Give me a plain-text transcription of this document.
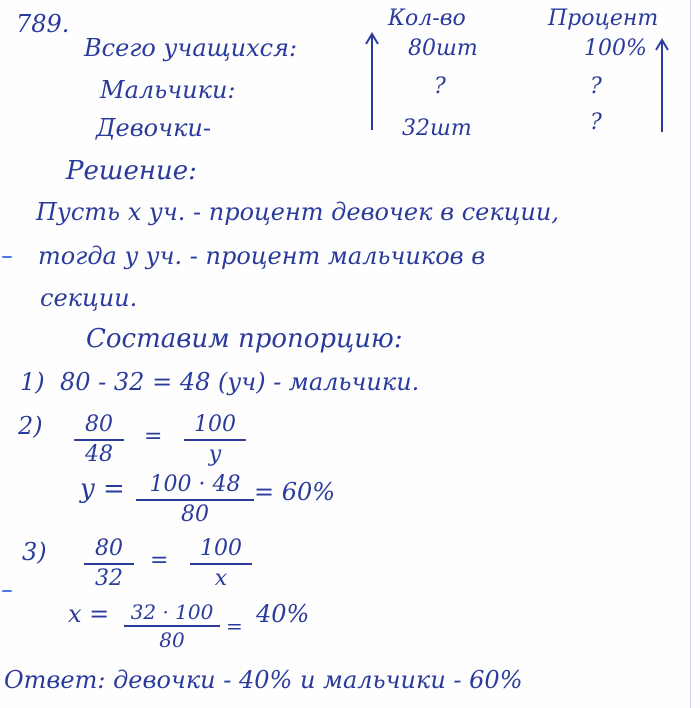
789.	Кол-во	Процент
Всего учащихся:	80шт	100%
Мальчики:	?	?
Девочки-	32шт	?
Решение:
Пусть x уч. - процент девочек в секции,
тогда y уч. - процент мальчиков в
секции.
Составим пропорцию:
1) 80 - 32 = 48 (уч) - мальчики.
2)	80
48
=	100
y
y =	100 · 48
80
= 60%
3)	80
32
=	100
x
x =	32 · 100
80
= 40%
Ответ: девочки - 40% и мальчики - 60%
